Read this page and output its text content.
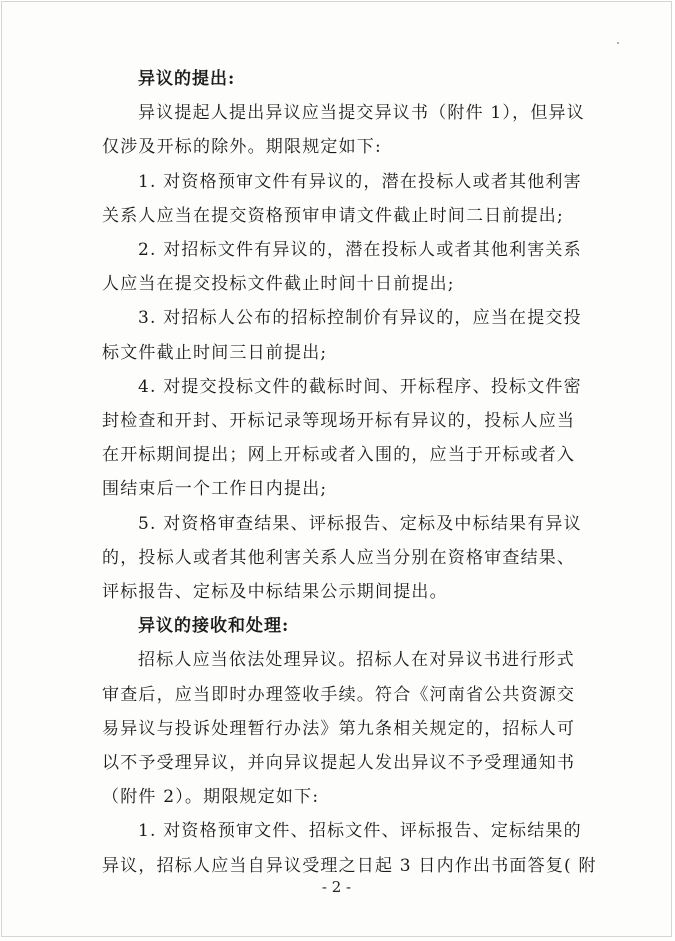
异议的提出:
异议提起人提出异议应当提交异议书（附件 1），但异议
仅涉及开标的除外。期限规定如下:
1. 对资格预审文件有异议的，潜在投标人或者其他利害
关系人应当在提交资格预审申请文件截止时间二日前提出;
2. 对招标文件有异议的，潜在投标人或者其他利害关系
人应当在提交投标文件截止时间十日前提出;
3. 对招标人公布的招标控制价有异议的，应当在提交投
标文件截止时间三日前提出;
4. 对提交投标文件的截标时间、开标程序、投标文件密
封检查和开封、开标记录等现场开标有异议的，投标人应当
在开标期间提出；网上开标或者入围的，应当于开标或者入
围结束后一个工作日内提出;
5. 对资格审查结果、评标报告、定标及中标结果有异议
的，投标人或者其他利害关系人应当分别在资格审查结果、
评标报告、定标及中标结果公示期间提出。
异议的接收和处理:
招标人应当依法处理异议。招标人在对异议书进行形式
审查后，应当即时办理签收手续。符合《河南省公共资源交
易异议与投诉处理暂行办法》第九条相关规定的，招标人可
以不予受理异议，并向异议提起人发出异议不予受理通知书
（附件 2）。期限规定如下:
1. 对资格预审文件、招标文件、评标报告、定标结果的
异议，招标人应当自异议受理之日起 3 日内作出书面答复( 附
- 2 -
